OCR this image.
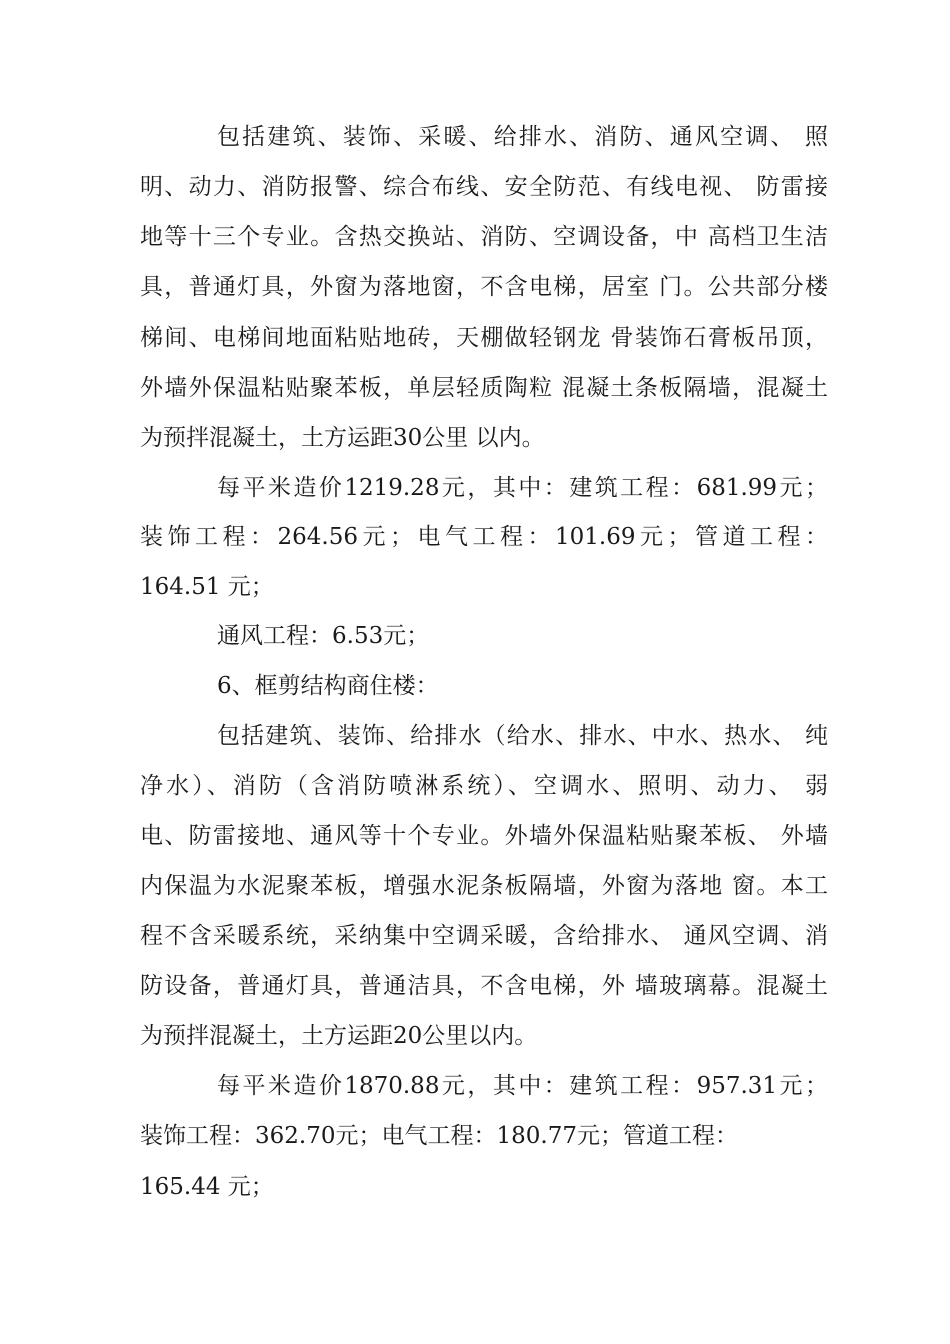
包括建筑、装饰、采暖、给排水、消防、通风空调、 照
明、动力、消防报警、综合布线、安全防范、有线电视、 防雷接
地等十三个专业。含热交换站、消防、空调设备，中 高档卫生洁
具，普通灯具，外窗为落地窗，不含电梯，居室 门。公共部分楼
梯间、电梯间地面粘贴地砖，天棚做轻钢龙 骨装饰石膏板吊顶，
外墙外保温粘贴聚苯板，单层轻质陶粒 混凝土条板隔墙，混凝土
为预拌混凝土，土方运距30公里 以内。
每平米造价1219.28元，其中：建筑工程：681.99元；
装饰工程：264.56元；电气工程：101.69元；管道工程：
164.51 元；
通风工程：6.53元；
6、框剪结构商住楼：
包括建筑、装饰、给排水（给水、排水、中水、热水、 纯
净水）、消防（含消防喷淋系统）、空调水、照明、动力、 弱
电、防雷接地、通风等十个专业。外墙外保温粘贴聚苯板、 外墙
内保温为水泥聚苯板，增强水泥条板隔墙，外窗为落地 窗。本工
程不含采暖系统，采纳集中空调采暖，含给排水、 通风空调、消
防设备，普通灯具，普通洁具，不含电梯，外 墙玻璃幕。混凝土
为预拌混凝土，土方运距20公里以内。
每平米造价1870.88元，其中：建筑工程：957.31元；
装饰工程：362.70元；电气工程：180.77元；管道工程：
165.44 元；
